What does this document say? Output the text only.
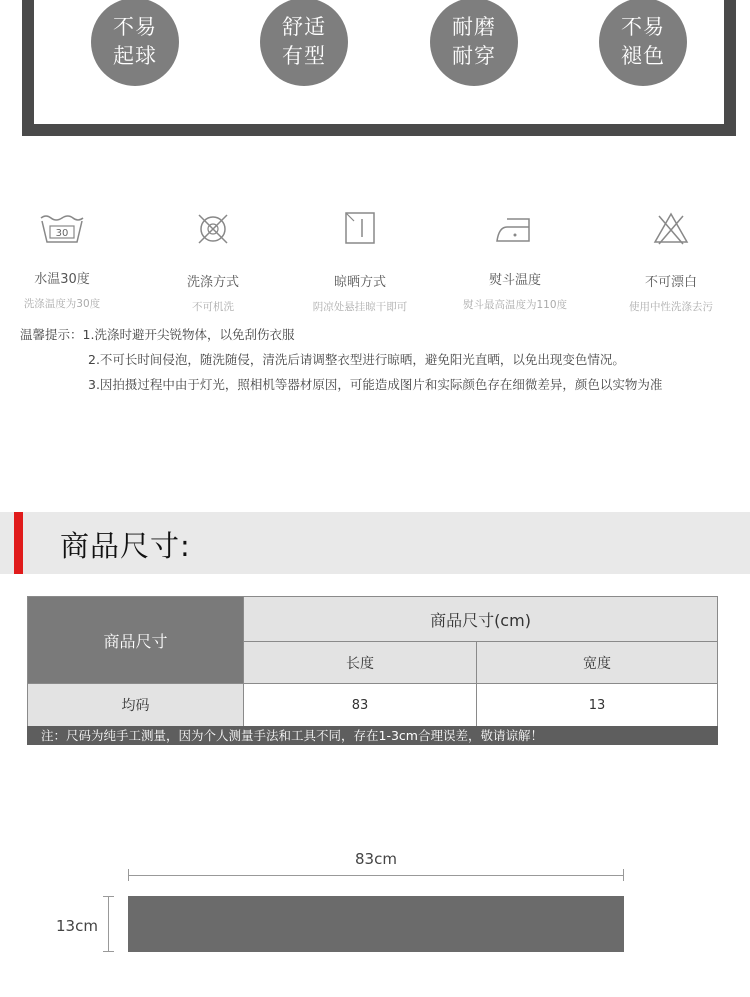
不易
起球
舒适
有型
耐磨
耐穿
不易
褪色
30
水温30度
洗涤温度为30度
洗涤方式
不可机洗
晾晒方式
阴凉处悬挂晾干即可
熨斗温度
熨斗最高温度为110度
不可漂白
使用中性洗涤去污
温馨提示：1.洗涤时避开尖锐物体，以免刮伤衣服
2.不可长时间侵泡，随洗随侵，清洗后请调整衣型进行晾晒，避免阳光直晒，以免出现变色情况。
3.因拍摄过程中由于灯光，照相机等器材原因，可能造成图片和实际颜色存在细微差异，颜色以实物为准
商品尺寸:
商品尺寸	商品尺寸(cm)	
	长度	宽度
均码	83	13
注：尺码为纯手工测量，因为个人测量手法和工具不同，存在1-3cm合理误差，敬请谅解！
83cm
13cm
